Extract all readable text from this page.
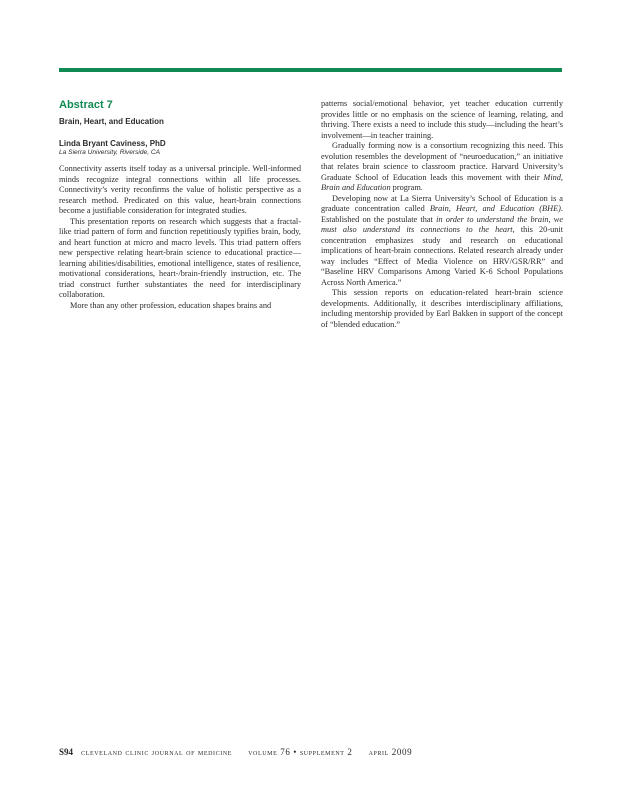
Abstract 7
Brain, Heart, and Education
Linda Bryant Caviness, PhD
La Sierra University, Riverside, CA

Connectivity asserts itself today as a universal principle. Well-informed minds recognize integral connections within all life processes. Connectivity’s verity reconfirms the value of holistic perspective as a research method. Predicated on this value, heart-brain connections become a justifiable consideration for integrated studies.

This presentation reports on research which suggests that a fractal-like triad pattern of form and function repetitiously typifies brain, body, and heart function at micro and macro levels. This triad pattern offers new perspective relating heart-brain science to educational practice—learning abilities/disabilities, emotional intelligence, states of resilience, motivational considerations, heart-/brain-friendly instruction, etc. The triad construct further substantiates the need for interdisciplinary collaboration.

More than any other profession, education shapes brains and

patterns social/emotional behavior, yet teacher education currently provides little or no emphasis on the science of learning, relating, and thriving. There exists a need to include this study—including the heart’s involvement—in teacher training.

Gradually forming now is a consortium recognizing this need. This evolution resembles the development of “neuroeducation,” an initiative that relates brain science to classroom practice. Harvard University’s Graduate School of Education leads this movement with their Mind, Brain and Education program.

Developing now at La Sierra University’s School of Education is a graduate concentration called Brain, Heart, and Education (BHE). Established on the postulate that in order to understand the brain, we must also understand its connections to the heart, this 20-unit concentration emphasizes study and research on educational implications of heart-brain connections. Related research already under way includes “Effect of Media Violence on HRV/GSR/RR” and “Baseline HRV Comparisons Among Varied K-6 School Populations Across North America.”

This session reports on education-related heart-brain science developments. Additionally, it describes interdisciplinary affiliations, including mentorship provided by Earl Bakken in support of the concept of “blended education.”

S94 cleveland clinic journal of medicine volume 76 • supplement 2 april 2009
